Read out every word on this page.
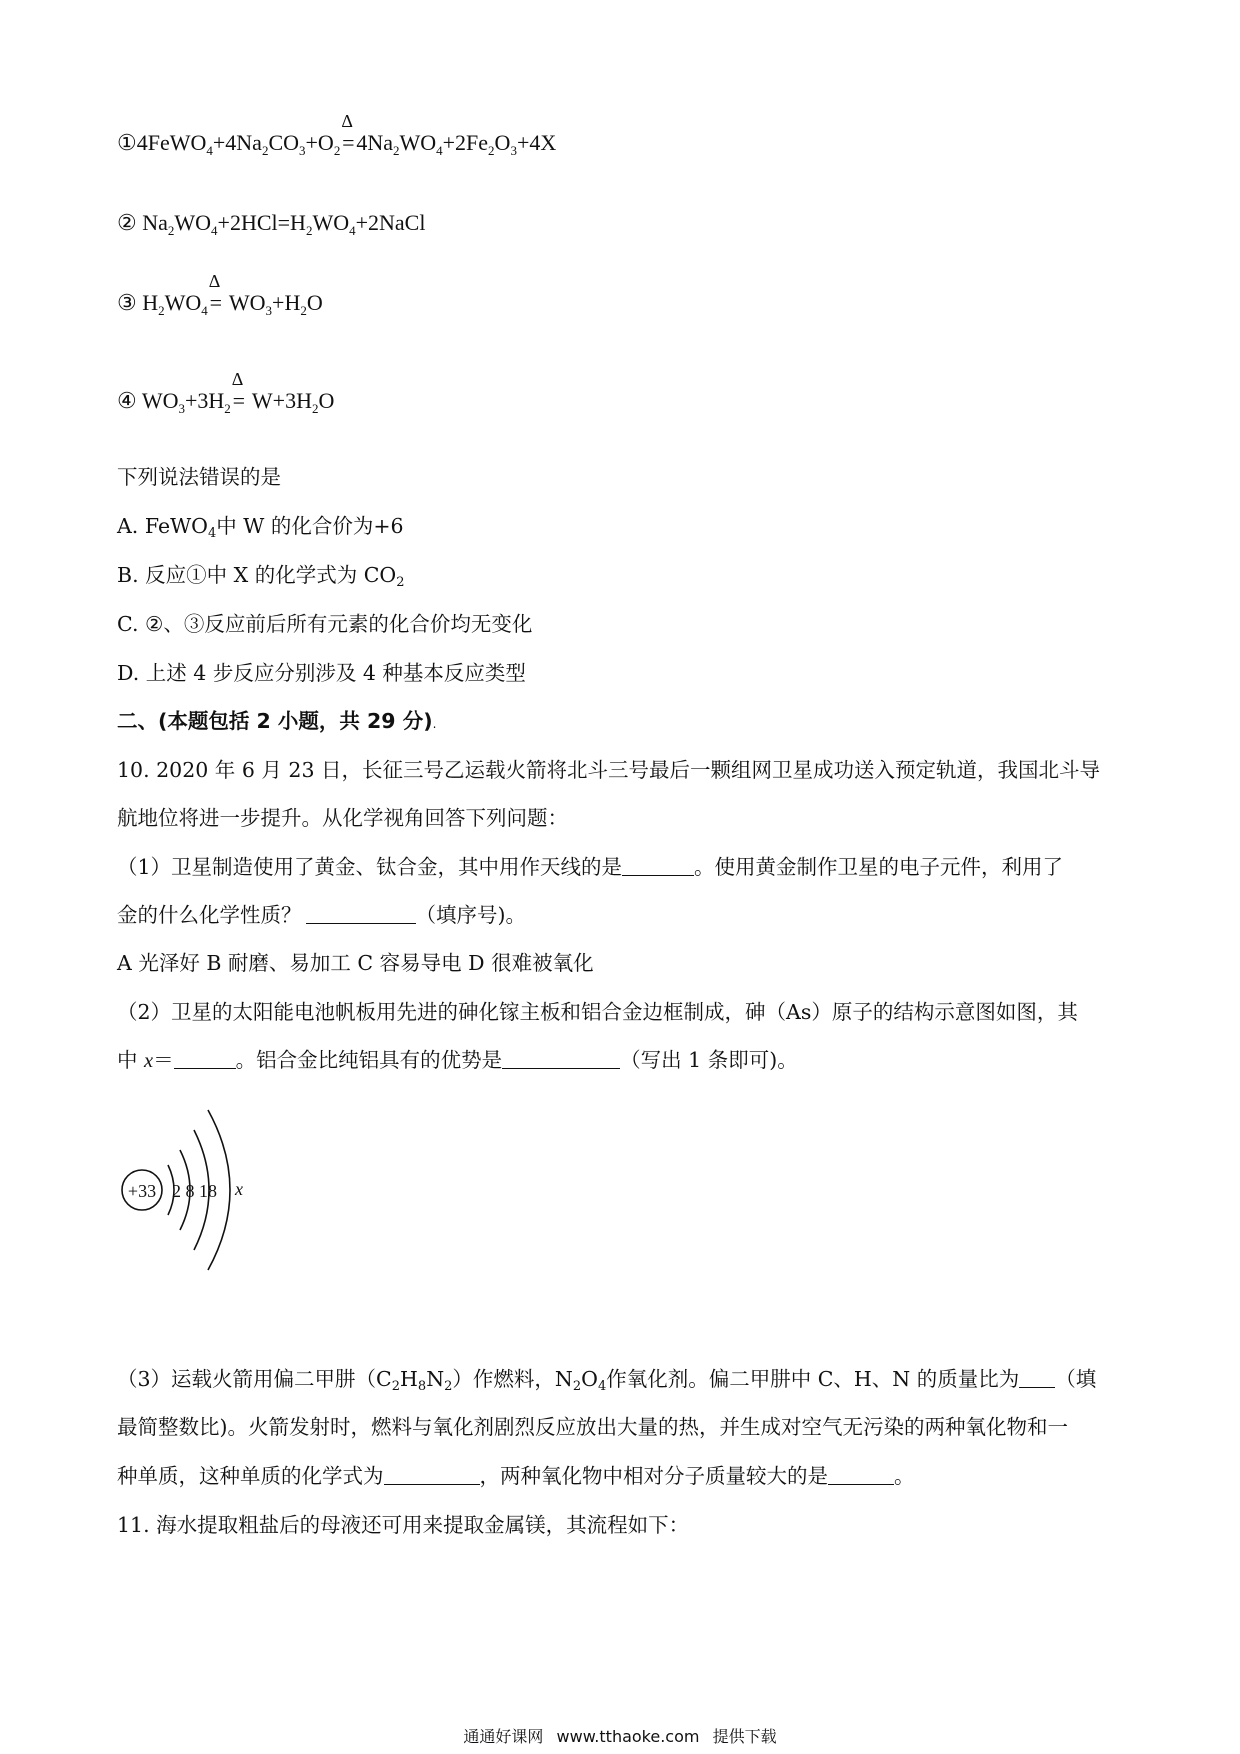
$①4FeWO_4+4Na_2CO_3+O_2$
Δ
$=4Na_2WO_4+2Fe_2O_3+4X$
② $Na_2WO_4+2HCl=H_2WO_4+2NaCl$
③ $H_2WO_4$
Δ
= $WO_3+H_2O$
④ $WO_3+3H_2$
Δ
= $W+3H_2O$
下列说法错误的是
A. FeWO4中 W 的化合价为+6
B. 反应①中 X 的化学式为 CO2
C. ②、③反应前后所有元素的化合价均无变化
D. 上述 4 步反应分别涉及 4 种基本反应类型
二、(本题包括 2 小题，共 29 分).
10. 2020 年 6 月 23 日，长征三号乙运载火箭将北斗三号最后一颗组网卫星成功送入预定轨道，我国北斗导
航地位将进一步提升。从化学视角回答下列问题：
（1）卫星制造使用了黄金、钛合金，其中用作天线的是	。使用黄金制作卫星的电子元件，利用了
金的什么化学性质？	（填序号)。
A 光泽好 B 耐磨、易加工 C 容易导电 D 很难被氧化
（2）卫星的太阳能电池帆板用先进的砷化镓主板和铝合金边框制成，砷（As）原子的结构示意图如图，其
中 x＝	。铝合金比纯铝具有的优势是	（写出 1 条即可)。
+33 2 8 18 x
（3）运载火箭用偏二甲肼（C2H8N2）作燃料，N2O4作氧化剂。偏二甲肼中 C、H、N 的质量比为 （填
最简整数比)。火箭发射时，燃料与氧化剂剧烈反应放出大量的热，并生成对空气无污染的两种氧化物和一
种单质，这种单质的化学式为	，两种氧化物中相对分子质量较大的是	。
11. 海水提取粗盐后的母液还可用来提取金属镁，其流程如下：
通通好课网 www.tthaoke.com 提供下载
